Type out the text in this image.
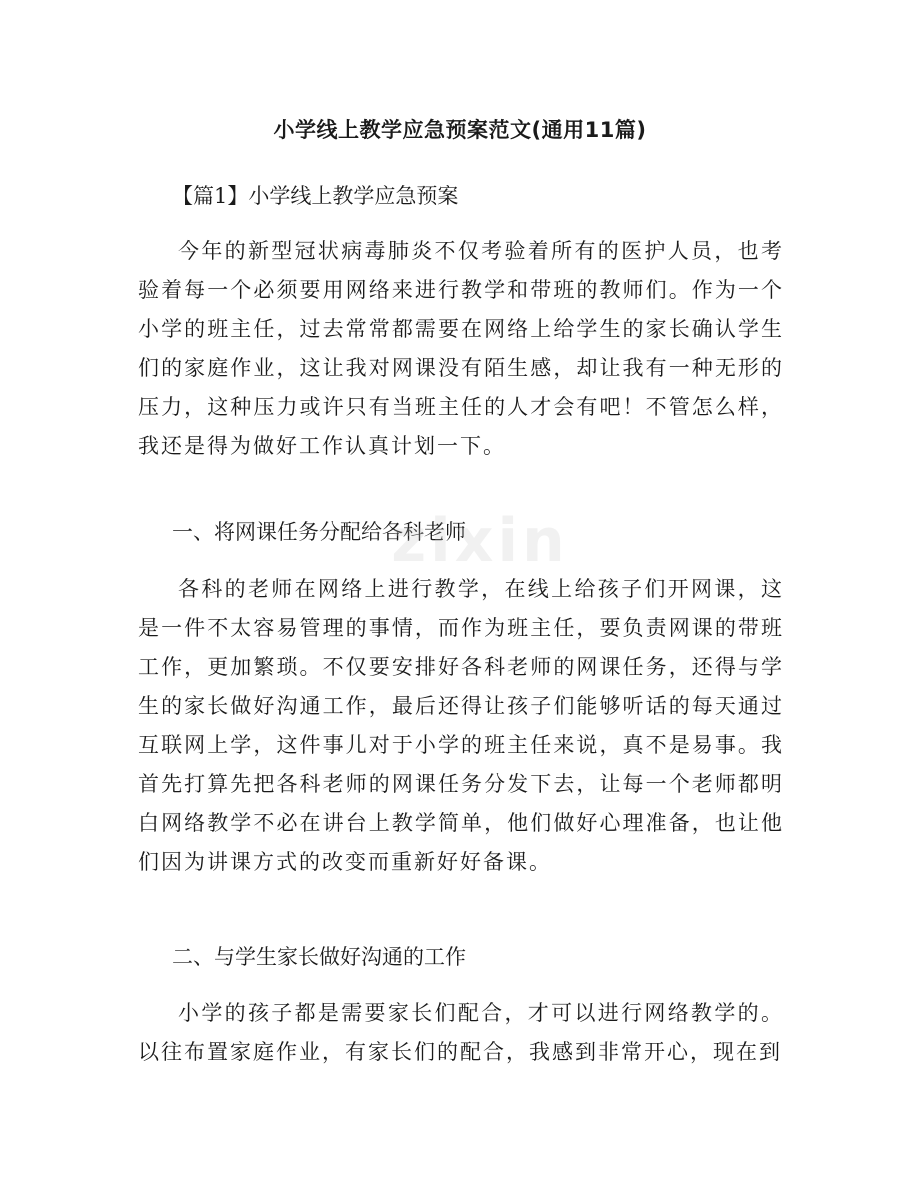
小学线上教学应急预案范文(通用11篇)

【篇1】小学线上教学应急预案

今年的新型冠状病毒肺炎不仅考验着所有的医护人员，也考验着每一个必须要用网络来进行教学和带班的教师们。作为一个小学的班主任，过去常常都需要在网络上给学生的家长确认学生们的家庭作业，这让我对网课没有陌生感，却让我有一种无形的压力，这种压力或许只有当班主任的人才会有吧！不管怎么样，我还是得为做好工作认真计划一下。

一、将网课任务分配给各科老师

各科的老师在网络上进行教学，在线上给孩子们开网课，这是一件不太容易管理的事情，而作为班主任，要负责网课的带班工作，更加繁琐。不仅要安排好各科老师的网课任务，还得与学生的家长做好沟通工作，最后还得让孩子们能够听话的每天通过互联网上学，这件事儿对于小学的班主任来说，真不是易事。我首先打算先把各科老师的网课任务分发下去，让每一个老师都明白网络教学不必在讲台上教学简单，他们做好心理准备，也让他们因为讲课方式的改变而重新好好备课。

二、与学生家长做好沟通的工作

小学的孩子都是需要家长们配合，才可以进行网络教学的。以往布置家庭作业，有家长们的配合，我感到非常开心，现在到

zixin
